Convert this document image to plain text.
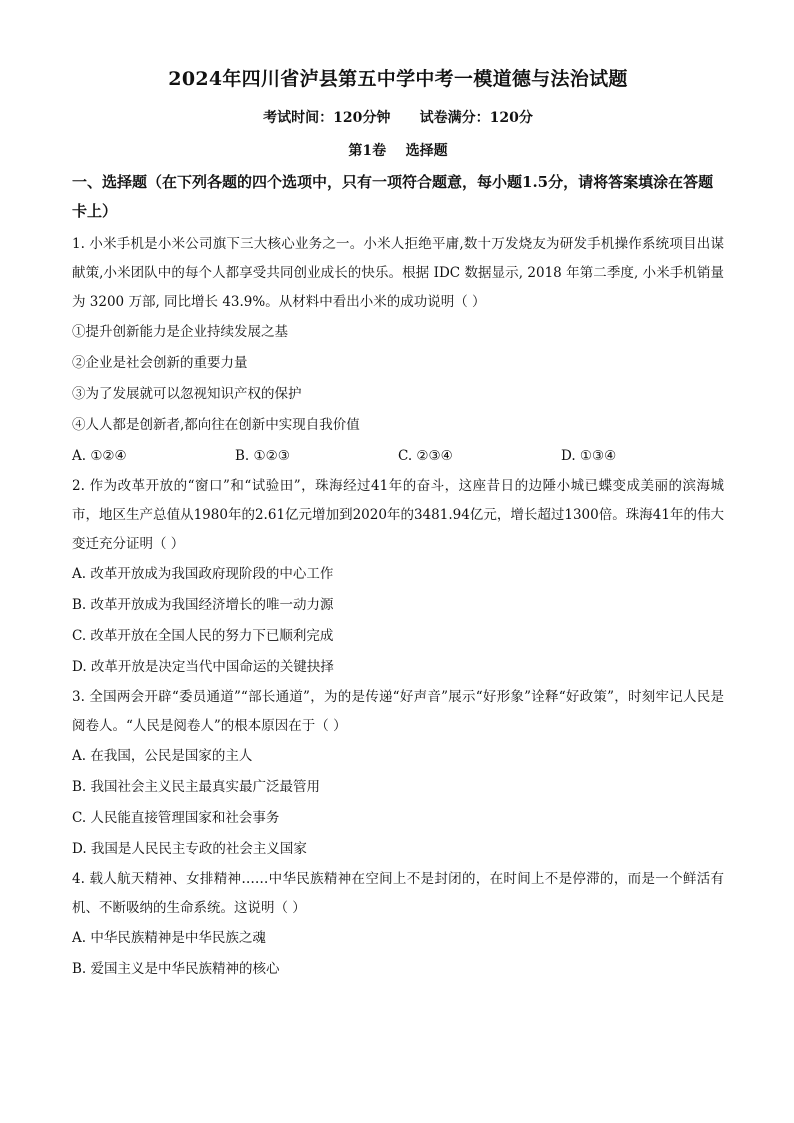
2024年四川省泸县第五中学中考一模道德与法治试题

考试时间：120分钟      试卷满分：120分

第1卷    选择题

一、选择题（在下列各题的四个选项中，只有一项符合题意，每小题1.5分，请将答案填涂在答题卡上）

1. 小米手机是小米公司旗下三大核心业务之一。小米人拒绝平庸,数十万发烧友为研发手机操作系统项目出谋献策,小米团队中的每个人都享受共同创业成长的快乐。根据 IDC 数据显示, 2018 年第二季度, 小米手机销量为 3200 万部, 同比增长 43.9%。从材料中看出小米的成功说明（ ）

①提升创新能力是企业持续发展之基

②企业是社会创新的重要力量

③为了发展就可以忽视知识产权的保护

④人人都是创新者,都向往在创新中实现自我价值

A. ①②④	B. ①②③	C. ②③④	D. ①③④

2. 作为改革开放的“窗口”和“试验田”，珠海经过41年的奋斗，这座昔日的边陲小城已蝶变成美丽的滨海城市，地区生产总值从1980年的2.61亿元增加到2020年的3481.94亿元，增长超过1300倍。珠海41年的伟大变迁充分证明（ ）

A. 改革开放成为我国政府现阶段的中心工作

B. 改革开放成为我国经济增长的唯一动力源

C. 改革开放在全国人民的努力下已顺利完成

D. 改革开放是决定当代中国命运的关键抉择

3. 全国两会开辟“委员通道”“部长通道”，为的是传递“好声音”展示“好形象”诠释“好政策”，时刻牢记人民是阅卷人。“人民是阅卷人”的根本原因在于（ ）

A. 在我国，公民是国家的主人

B. 我国社会主义民主最真实最广泛最管用

C. 人民能直接管理国家和社会事务

D. 我国是人民民主专政的社会主义国家

4. 载人航天精神、女排精神……中华民族精神在空间上不是封闭的，在时间上不是停滞的，而是一个鲜活有机、不断吸纳的生命系统。这说明（ ）

A. 中华民族精神是中华民族之魂

B. 爱国主义是中华民族精神的核心
